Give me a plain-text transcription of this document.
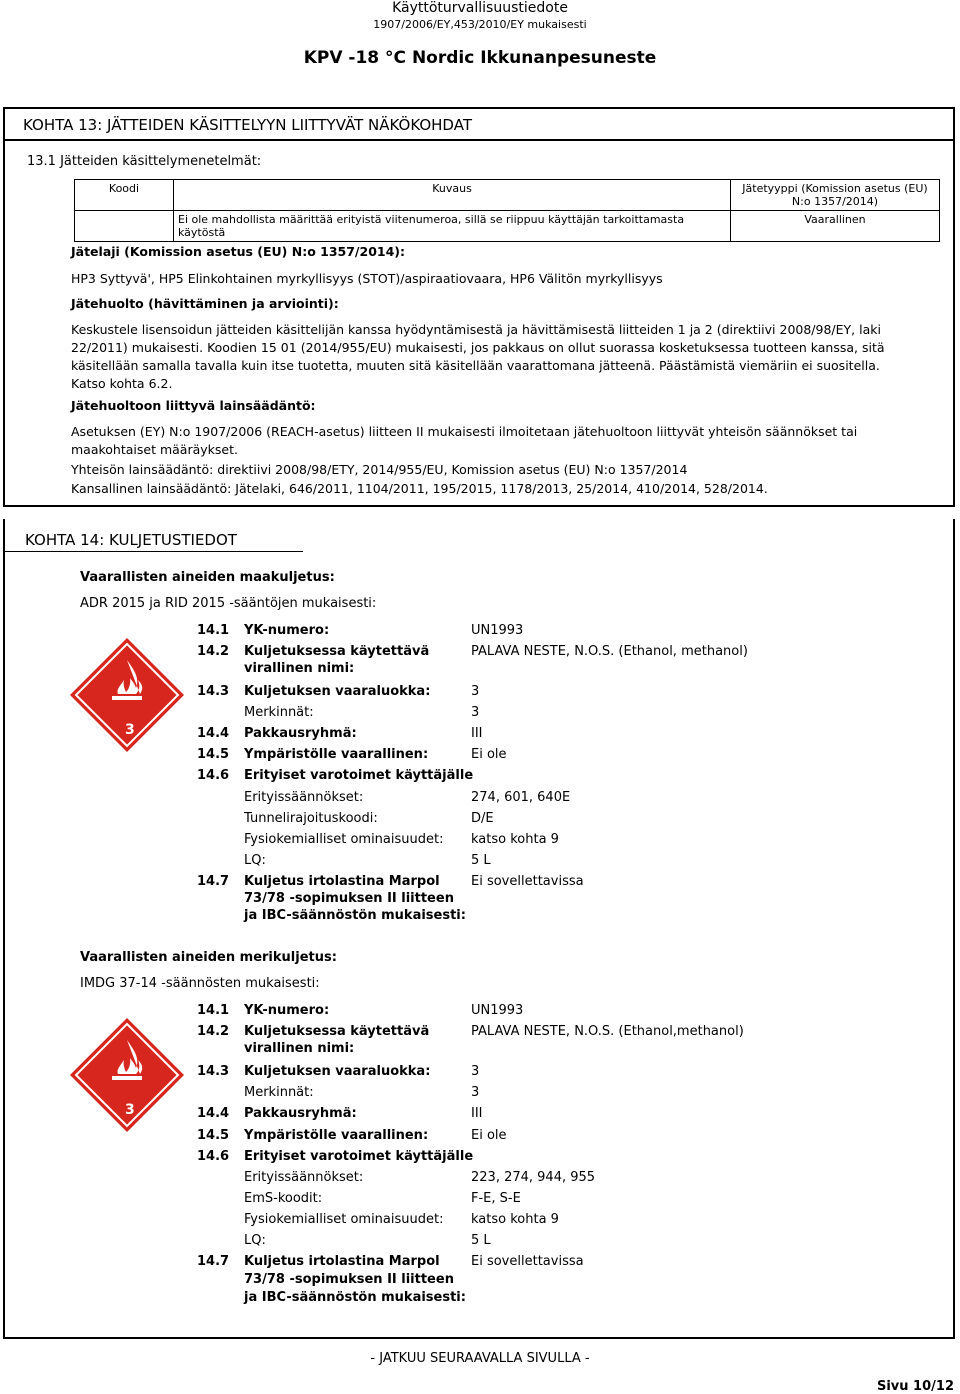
Käyttöturvallisuustiedote
1907/2006/EY,453/2010/EY mukaisesti
KPV -18 °C Nordic Ikkunanpesuneste
KOHTA 13: JÄTTEIDEN KÄSITTELYYN LIITTYVÄT NÄKÖKOHDAT
13.1 Jätteiden käsittelymenetelmät:
Koodi	Kuvaus	Jätetyyppi (Komission asetus (EU) N:o 1357/2014)
	Ei ole mahdollista määrittää erityistä viitenumeroa, sillä se riippuu käyttäjän tarkoittamasta käytöstä	Vaarallinen
Jätelaji (Komission asetus (EU) N:o 1357/2014):
HP3 Syttyvä', HP5 Elinkohtainen myrkyllisyys (STOT)/aspiraatiovaara, HP6 Välitön myrkyllisyys
Jätehuolto (hävittäminen ja arviointi):
Keskustele lisensoidun jätteiden käsittelijän kanssa hyödyntämisestä ja hävittämisestä liitteiden 1 ja 2 (direktiivi 2008/98/EY, laki 22/2011) mukaisesti. Koodien 15 01 (2014/955/EU) mukaisesti, jos pakkaus on ollut suorassa kosketuksessa tuotteen kanssa, sitä käsitellään samalla tavalla kuin itse tuotetta, muuten sitä käsitellään vaarattomana jätteenä. Päästämistä viemäriin ei suositella. Katso kohta 6.2.
Jätehuoltoon liittyvä lainsäädäntö:
Asetuksen (EY) N:o 1907/2006 (REACH-asetus) liitteen II mukaisesti ilmoitetaan jätehuoltoon liittyvät yhteisön säännökset tai maakohtaiset määräykset.
Yhteisön lainsäädäntö: direktiivi 2008/98/ETY, 2014/955/EU, Komission asetus (EU) N:o 1357/2014
Kansallinen lainsäädäntö: Jätelaki, 646/2011, 1104/2011, 195/2015, 1178/2013, 25/2014, 410/2014, 528/2014.
KOHTA 14: KULJETUSTIEDOT
Vaarallisten aineiden maakuljetus:
ADR 2015 ja RID 2015 -sääntöjen mukaisesti:
3
14.1 YK-numero:	UN1993
14.2 Kuljetuksessa käytettävä
virallinen nimi:
PALAVA NESTE, N.O.S. (Ethanol, methanol)
14.3 Kuljetuksen vaaraluokka:	3
Merkinnät:	3
14.4 Pakkausryhmä:	III
14.5 Ympäristölle vaarallinen:	Ei ole
14.6 Erityiset varotoimet käyttäjälle
Erityissäännökset:	274, 601, 640E
Tunnelirajoituskoodi:	D/E
Fysiokemialliset ominaisuudet: katso kohta 9
LQ:	5 L
14.7 Kuljetus irtolastina Marpol
73/78 -sopimuksen II liitteen
ja IBC-säännöstön mukaisesti:
Ei sovellettavissa
Vaarallisten aineiden merikuljetus:
IMDG 37-14 -säännösten mukaisesti:
3
14.1 YK-numero:	UN1993
14.2 Kuljetuksessa käytettävä
virallinen nimi:
PALAVA NESTE, N.O.S. (Ethanol,methanol)
14.3 Kuljetuksen vaaraluokka:	3
Merkinnät:	3
14.4 Pakkausryhmä:	III
14.5 Ympäristölle vaarallinen:	Ei ole
14.6 Erityiset varotoimet käyttäjälle
Erityissäännökset:	223, 274, 944, 955
EmS-koodit:	F-E, S-E
Fysiokemialliset ominaisuudet: katso kohta 9
LQ:	5 L
14.7 Kuljetus irtolastina Marpol
73/78 -sopimuksen II liitteen
ja IBC-säännöstön mukaisesti:
Ei sovellettavissa
- JATKUU SEURAAVALLA SIVULLA -
Sivu 10/12
